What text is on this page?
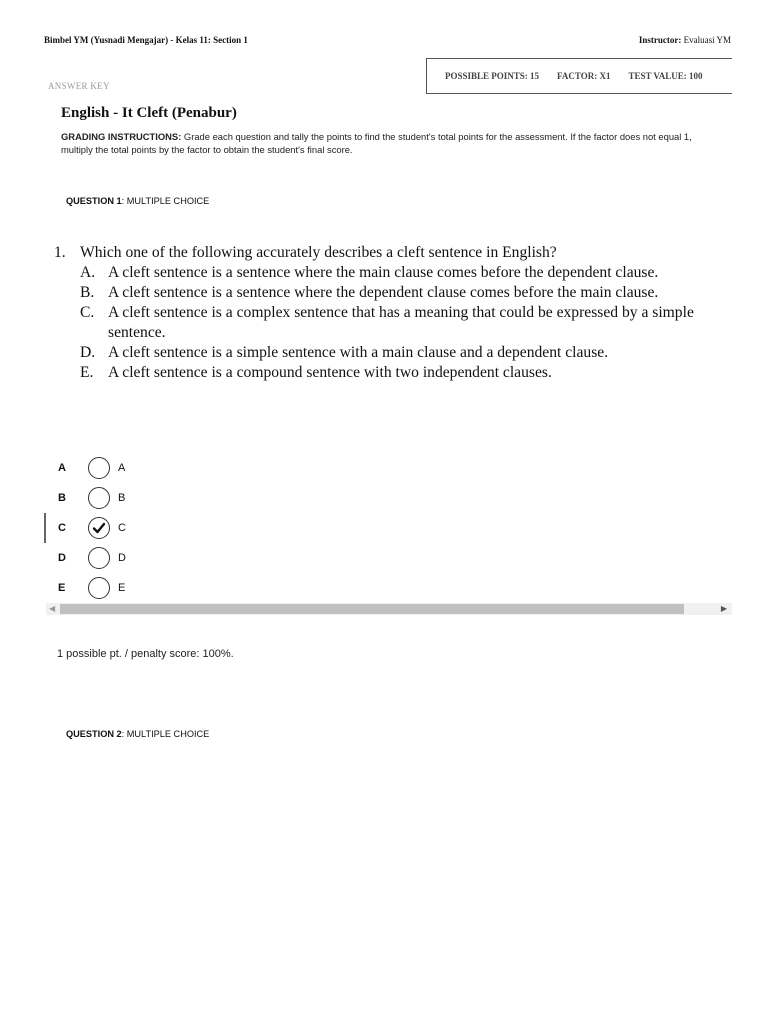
Bimbel YM (Yusnadi Mengajar) - Kelas 11: Section 1	Instructor: Evaluasi YM
POSSIBLE POINTS: 15 FACTOR: X1 TEST VALUE: 100
ANSWER KEY
English - It Cleft (Penabur)
GRADING INSTRUCTIONS: Grade each question and tally the points to find the student's total points for the assessment. If the factor does not equal 1, multiply the total points by the factor to obtain the student's final score.
QUESTION 1: MULTIPLE CHOICE
1. Which one of the following accurately describes a cleft sentence in English?
A. A cleft sentence is a sentence where the main clause comes before the dependent clause.
B. A cleft sentence is a sentence where the dependent clause comes before the main clause.
C. A cleft sentence is a complex sentence that has a meaning that could be expressed by a simple sentence.
D. A cleft sentence is a simple sentence with a main clause and a dependent clause.
E. A cleft sentence is a compound sentence with two independent clauses.
A	A
B	B
C	C
D	D
E	E
◀	▶
1 possible pt. / penalty score: 100%.
QUESTION 2: MULTIPLE CHOICE
